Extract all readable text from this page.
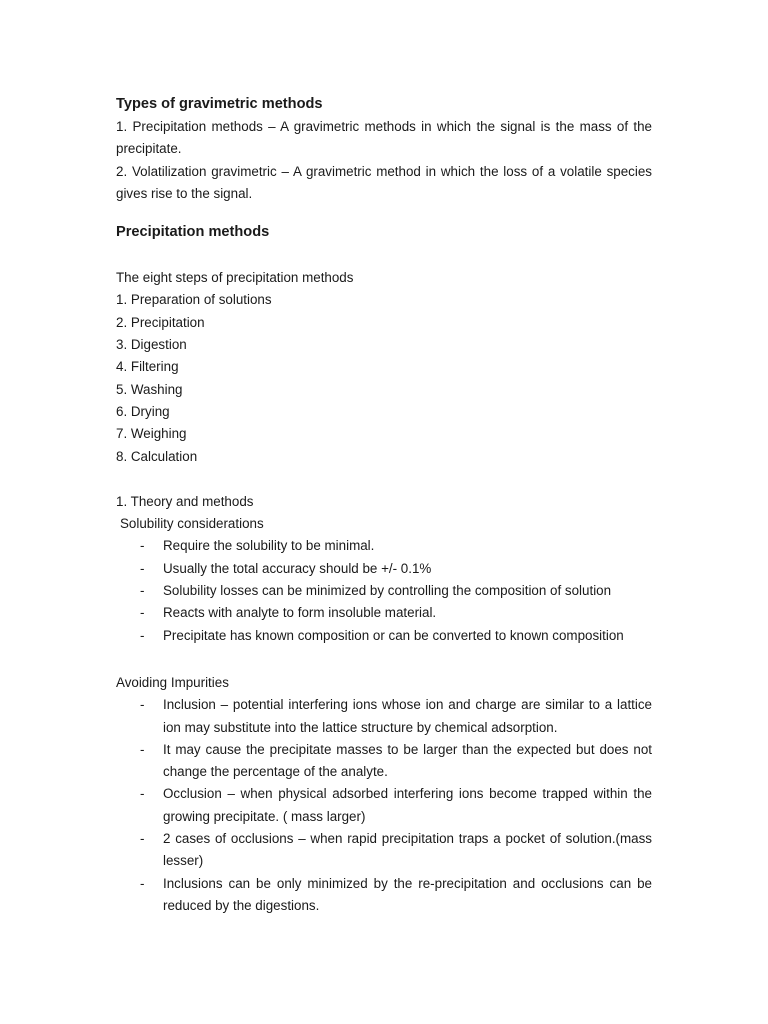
Types of gravimetric methods

1. Precipitation methods – A gravimetric methods in which the signal is the mass of the precipitate.

2. Volatilization gravimetric – A gravimetric method in which the loss of a volatile species gives rise to the signal.

Precipitation methods

The eight steps of precipitation methods

1. Preparation of solutions

2. Precipitation

3. Digestion

4. Filtering

5. Washing

6. Drying

7. Weighing

8. Calculation

1. Theory and methods

Solubility considerations

- Require the solubility to be minimal.
- Usually the total accuracy should be +/- 0.1%
- Solubility losses can be minimized by controlling the composition of solution
- Reacts with analyte to form insoluble material.
- Precipitate has known composition or can be converted to known composition

Avoiding Impurities

- Inclusion – potential interfering ions whose ion and charge are similar to a lattice ion may substitute into the lattice structure by chemical adsorption.
- It may cause the precipitate masses to be larger than the expected but does not change the percentage of the analyte.
- Occlusion – when physical adsorbed interfering ions become trapped within the growing precipitate. ( mass larger)
- 2 cases of occlusions – when rapid precipitation traps a pocket of solution.(mass lesser)
- Inclusions can be only minimized by the re-precipitation and occlusions can be reduced by the digestions.
